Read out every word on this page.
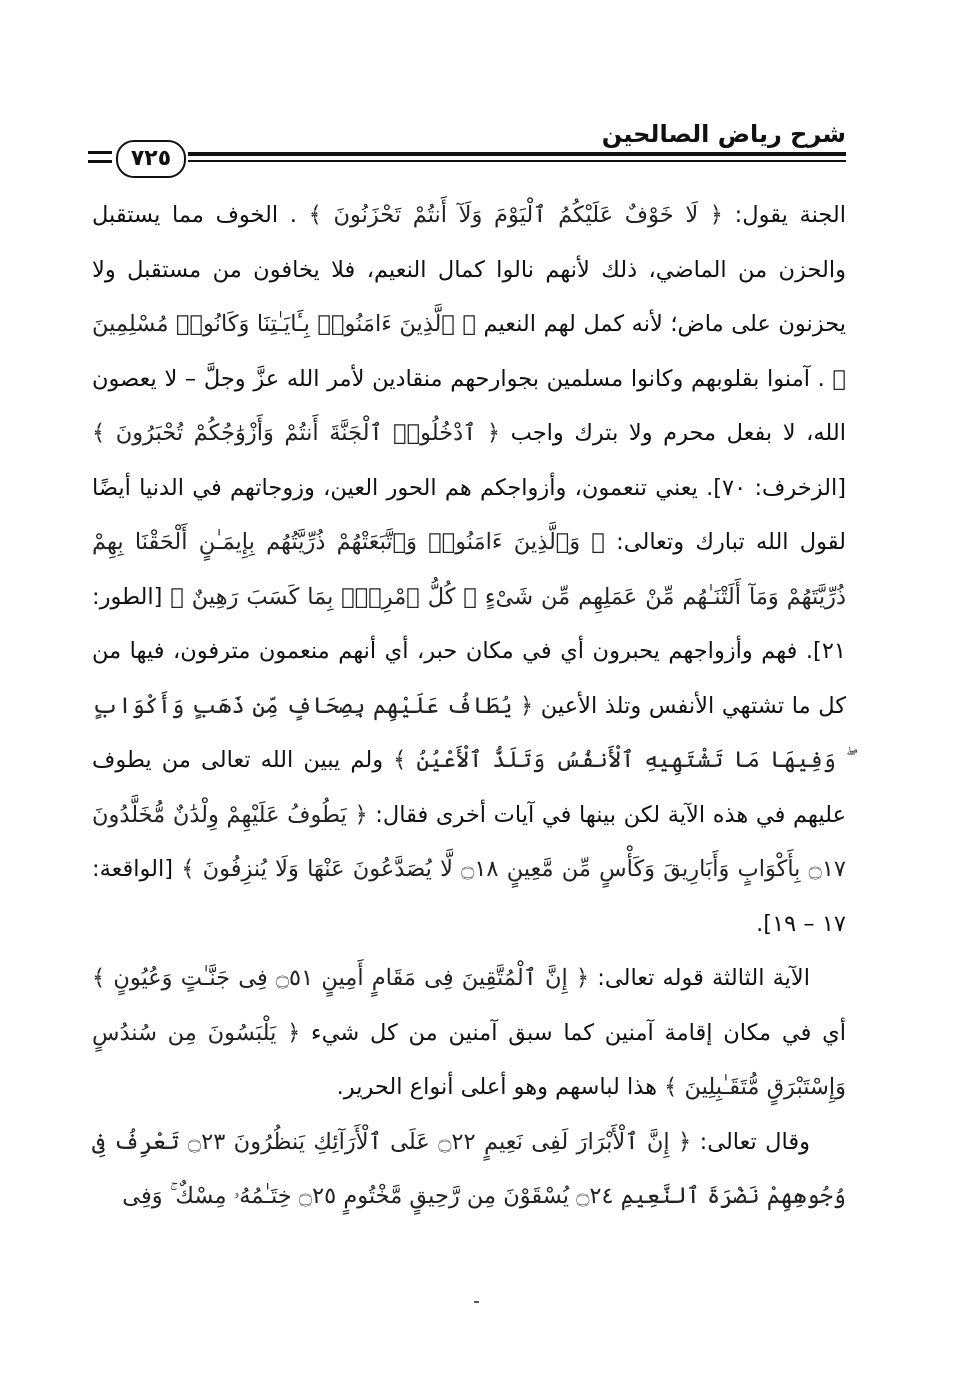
شرح رياض الصالحين
٧٢٥

الجنة يقول: ﴿ لَا خَوْفٌ عَلَيْكُمُ ٱلْيَوْمَ وَلَآ أَنتُمْ تَحْزَنُونَ ﴾ . الخوف مما يستقبل والحزن من الماضي، ذلك لأنهم نالوا كمال النعيم، فلا يخافون من مستقبل ولا يحزنون على ماض؛ لأنه كمل لهم النعيم ﴿ ٱلَّذِينَ ءَامَنُوا۟ بِـَٔايَـٰتِنَا وَكَانُوا۟ مُسْلِمِينَ ﴾ . آمنوا بقلوبهم وكانوا مسلمين بجوارحهم منقادين لأمر الله عزَّ وجلَّ – لا يعصون الله، لا بفعل محرم ولا بترك واجب ﴿ ٱدْخُلُوا۟ ٱلْجَنَّةَ أَنتُمْ وَأَزْوَٰجُكُمْ تُحْبَرُونَ ﴾ [الزخرف: ٧٠]. يعني تنعمون، وأزواجكم هم الحور العين، وزوجاتهم في الدنيا أيضًا لقول الله تبارك وتعالى: ﴿ وَٱلَّذِينَ ءَامَنُوا۟ وَٱتَّبَعَتْهُمْ ذُرِّيَّتُهُم بِإِيمَـٰنٍ أَلْحَقْنَا بِهِمْ ذُرِّيَّتَهُمْ وَمَآ أَلَتْنَـٰهُم مِّنْ عَمَلِهِم مِّن شَىْءٍ ۚ كُلُّ ٱمْرِئٍۭ بِمَا كَسَبَ رَهِينٌ ﴾ [الطور: ٢١]. فهم وأزواجهم يحبرون أي في مكان حبر، أي أنهم منعمون مترفون، فيها من كل ما تشتهي الأنفس وتلذ الأعين ﴿ يُطَافُ عَلَيْهِم بِصِحَافٍ مِّن ذَهَبٍ وَأَكْوَابٍ ۖ وَفِيهَا مَا تَشْتَهِيهِ ٱلْأَنفُسُ وَتَلَذُّ ٱلْأَعْيُنُ ﴾ ولم يبين الله تعالى من يطوف عليهم في هذه الآية لكن بينها في آيات أخرى فقال: ﴿ يَطُوفُ عَلَيْهِمْ وِلْدَٰنٌ مُّخَلَّدُونَ ۝١٧ بِأَكْوَابٍ وَأَبَارِيقَ وَكَأْسٍ مِّن مَّعِينٍ ۝١٨ لَّا يُصَدَّعُونَ عَنْهَا وَلَا يُنزِفُونَ ﴾ [الواقعة: ١٧ – ١٩].

الآية الثالثة قوله تعالى: ﴿ إِنَّ ٱلْمُتَّقِينَ فِى مَقَامٍ أَمِينٍ ۝٥١ فِى جَنَّـٰتٍ وَعُيُونٍ ﴾ أي في مكان إقامة آمنين كما سبق آمنين من كل شيء ﴿ يَلْبَسُونَ مِن سُندُسٍ وَإِسْتَبْرَقٍ مُّتَقَـٰبِلِينَ ﴾ هذا لباسهم وهو أعلى أنواع الحرير.

وقال تعالى: ﴿ إِنَّ ٱلْأَبْرَارَ لَفِى نَعِيمٍ ۝٢٢ عَلَى ٱلْأَرَآئِكِ يَنظُرُونَ ۝٢٣ تَعْرِفُ فِى وُجُوهِهِمْ نَضْرَةَ ٱلنَّعِيمِ ۝٢٤ يُسْقَوْنَ مِن رَّحِيقٍ مَّخْتُومٍ ۝٢٥ خِتَـٰمُهُۥ مِسْكٌ ۚ وَفِى
